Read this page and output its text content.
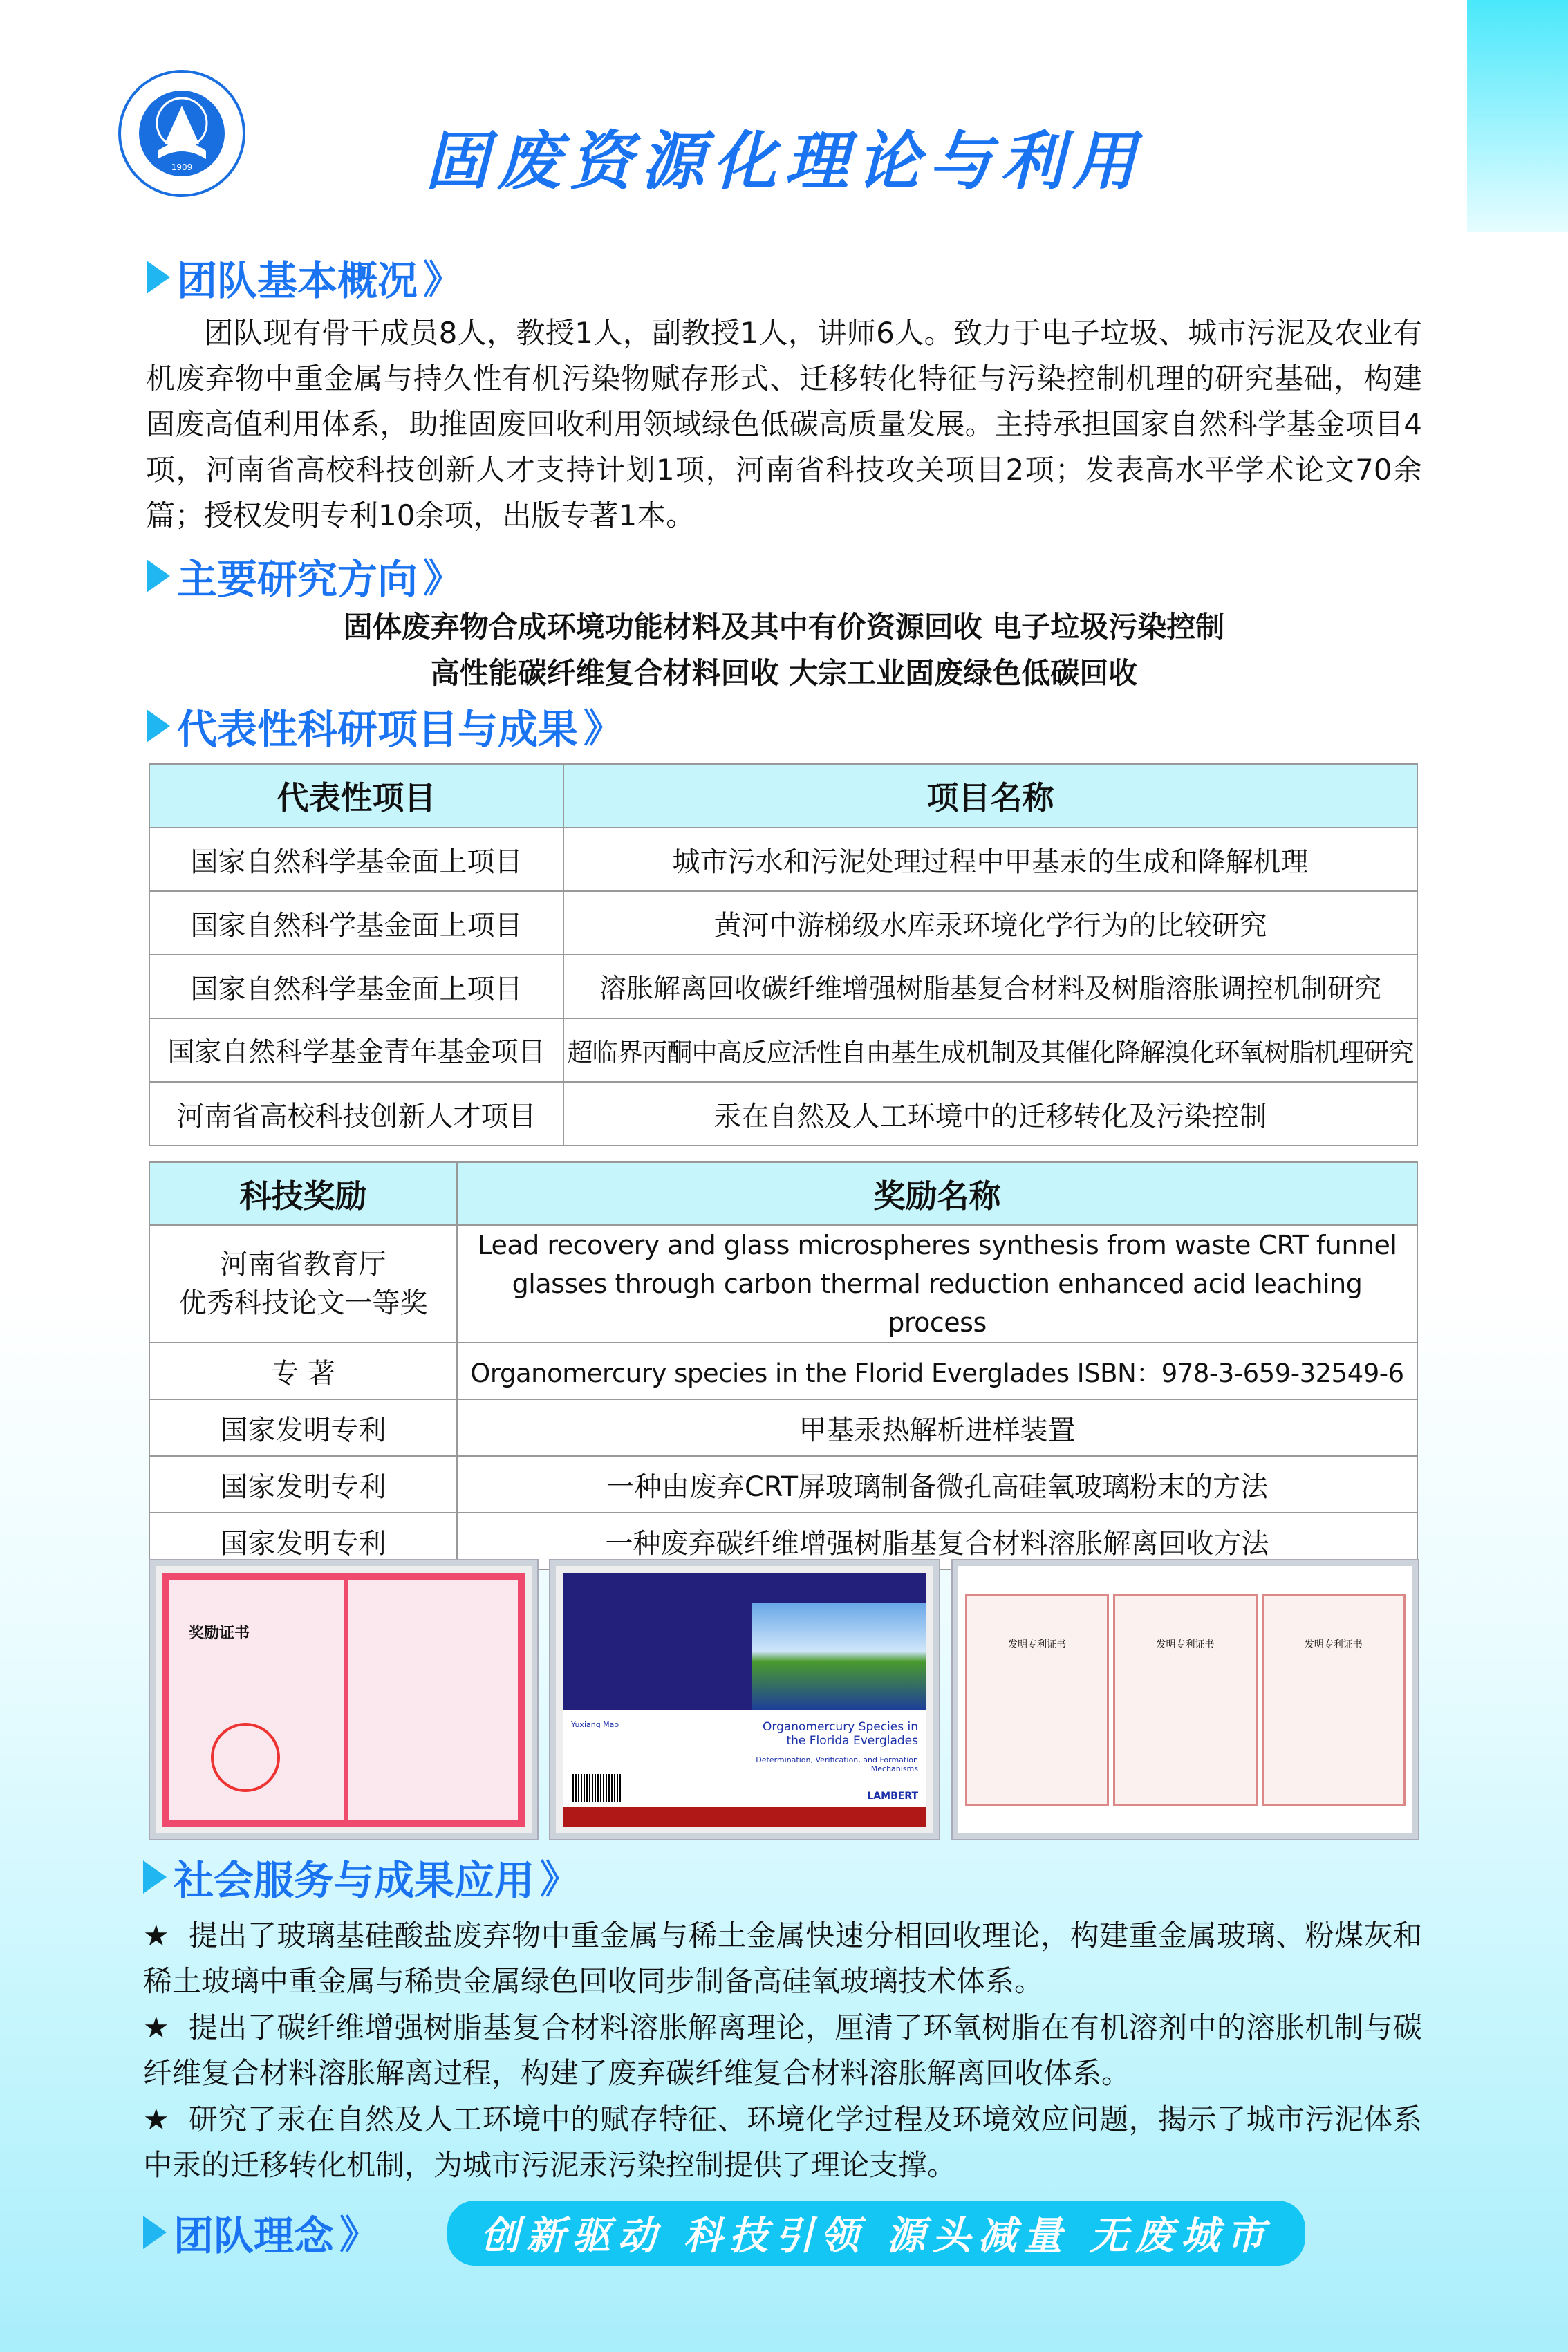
1909	固废资源化理论与利用
团队基本概况 》
团队现有骨干成员8人，教授1人，副教授1人，讲师6人。致力于电子垃圾、城市污泥及农业有机废弃物中重金属与持久性有机污染物赋存形式、迁移转化特征与污染控制机理的研究基础，构建固废高值利用体系，助推固废回收利用领域绿色低碳高质量发展。主持承担国家自然科学基金项目4项，河南省高校科技创新人才支持计划1项，河南省科技攻关项目2项；发表高水平学术论文70余篇；授权发明专利10余项，出版专著1本。
主要研究方向 》
固体废弃物合成环境功能材料及其中有价资源回收 电子垃圾污染控制
高性能碳纤维复合材料回收 大宗工业固废绿色低碳回收
代表性科研项目与成果 》
代表性项目	项目名称
国家自然科学基金面上项目	城市污水和污泥处理过程中甲基汞的生成和降解机理
国家自然科学基金面上项目	黄河中游梯级水库汞环境化学行为的比较研究
国家自然科学基金面上项目	溶胀解离回收碳纤维增强树脂基复合材料及树脂溶胀调控机制研究
国家自然科学基金青年基金项目	超临界丙酮中高反应活性自由基生成机制及其催化降解溴化环氧树脂机理研究
河南省高校科技创新人才项目	汞在自然及人工环境中的迁移转化及污染控制
科技奖励	奖励名称
河南省教育厅
优秀科技论文一等奖	Lead recovery and glass microspheres synthesis from waste CRT funnel glasses through carbon thermal reduction enhanced acid leaching process
专 著	Organomercury species in the Florid Everglades ISBN：978-3-659-32549-6
国家发明专利	甲基汞热解析进样装置
国家发明专利	一种由废弃CRT屏玻璃制备微孔高硅氧玻璃粉末的方法
国家发明专利	一种废弃碳纤维增强树脂基复合材料溶胀解离回收方法
奖励证书
Organomercury Species in the Florida Everglades
Determination, Verification, and Formation Mechanisms
Yuxiang Mao
LAMBERT
发明专利证书	发明专利证书	发明专利证书
社会服务与成果应用 》

★ 提出了玻璃基硅酸盐废弃物中重金属与稀土金属快速分相回收理论，构建重金属玻璃、粉煤灰和稀土玻璃中重金属与稀贵金属绿色回收同步制备高硅氧玻璃技术体系。

★ 提出了碳纤维增强树脂基复合材料溶胀解离理论，厘清了环氧树脂在有机溶剂中的溶胀机制与碳纤维复合材料溶胀解离过程，构建了废弃碳纤维复合材料溶胀解离回收体系。

★ 研究了汞在自然及人工环境中的赋存特征、环境化学过程及环境效应问题，揭示了城市污泥体系中汞的迁移转化机制，为城市污泥汞污染控制提供了理论支撑。

团队理念 》	创新驱动 科技引领 源头减量 无废城市
